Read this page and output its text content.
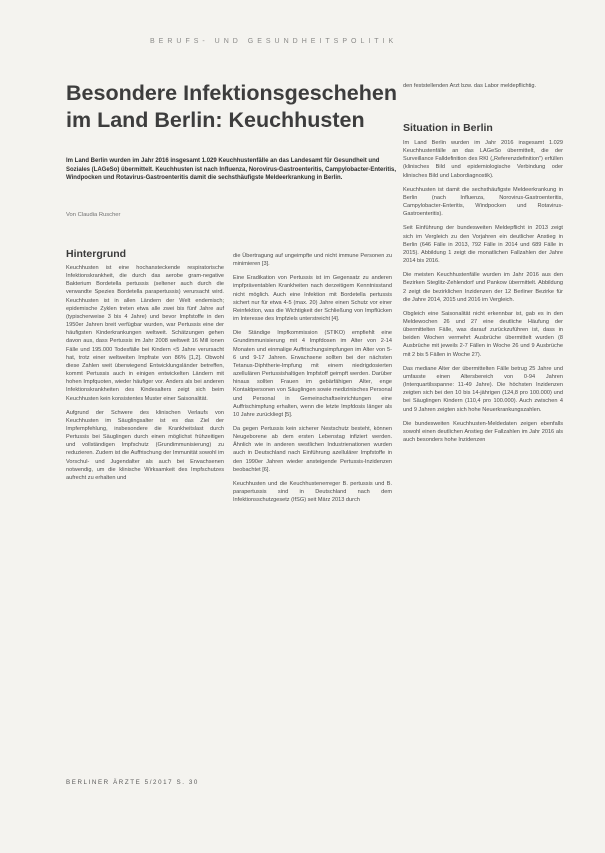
BERUFS- UND GESUNDHEITSPOLITIK
Besondere Infektionsgeschehen im Land Berlin: Keuchhusten

Im Land Berlin wurden im Jahr 2016 insgesamt 1.029 Keuchhustenfälle an das Landesamt für Gesundheit und Soziales (LAGeSo) übermittelt. Keuchhusten ist nach Influenza, Norovirus-Gastroenteritis, Campylobacter-Enteritis, Windpocken und Rotavirus-Gastroenteritis damit die sechsthäufigste Meldeerkrankung in Berlin.

Von Claudia Ruscher
Hintergrund

Keuchhusten ist eine hochansteckende respiratorische Infektionskrankheit, die durch das aerobe gram-negative Bakterium Bordetella pertussis (seltener auch durch die verwandte Spezies Bordetella parapertussis) verursacht wird. Keuchhusten ist in allen Ländern der Welt endemisch; epidemische Zyklen treten etwa alle zwei bis fünf Jahre auf (typischerweise 3 bis 4 Jahre) und bevor Impfstoffe in den 1950er Jahren breit verfügbar wurden, war Pertussis eine der häufigsten Kinderkrankungen weltweit. Schätzungen gehen davon aus, dass Pertussis im Jahr 2008 weltweit 16 Mill ionen Fälle und 195.000 Todesfälle bei Kindern <5 Jahre verursacht hat, trotz einer weltweiten Impfrate von 86% [1,2]. Obwohl diese Zahlen weit überwiegend Entwicklungsländer betreffen, kommt Pertussis auch in einigen entwickelten Ländern mit hohen Impfquoten, wieder häufiger vor. Anders als bei anderen Infektionskrankheiten des Kindesalters zeigt sich beim Keuchhusten kein konsistentes Muster einer Saisonalität.

Aufgrund der Schwere des klinischen Verlaufs von Keuchhusten im Säuglingsalter ist es das Ziel der Impfempfehlung, insbesondere die Krankheitslast durch Pertussis bei Säuglingen durch einen möglichst frühzeitigen und vollständigen Impfschutz (Grundimmunisierung) zu reduzieren. Zudem ist die Auffrischung der Immunität sowohl im Vorschul- und Jugendalter als auch bei Erwachsenen notwendig, um die klinische Wirksamkeit des Impfschutzes aufrecht zu erhalten und

die Übertragung auf ungeimpfte und nicht immune Personen zu minimieren [3].

Eine Eradikation von Pertussis ist im Gegensatz zu anderen impfpräventablen Krankheiten nach derzeitigem Kenntnisstand nicht möglich. Auch eine Infektion mit Bordetella pertussis sichert nur für etwa 4-5 (max. 20) Jahre einen Schutz vor einer Reinfektion, was die Wichtigkeit der Schließung von Impflücken im Interesse des Impfziels unterstreicht [4].

Die Ständige Impfkommission (STIKO) empfiehlt eine Grundimmunisierung mit 4 Impfdosen im Alter von 2-14 Monaten und einmalige Auffrischungsimpfungen im Alter von 5-6 und 9-17 Jahren. Erwachsene sollten bei der nächsten Tetanus-Diphtherie-Impfung mit einem niedrigdosierten azellulären Pertussishaltigen Impfstoff geimpft werden. Darüber hinaus sollten Frauen im gebärfähigen Alter, enge Kontaktpersonen von Säuglingen sowie medizinisches Personal und Personal in Gemeinschaftseinrichtungen eine Auffrischimpfung erhalten, wenn die letzte Impfdosis länger als 10 Jahre zurückliegt [5].

Da gegen Pertussis kein sicherer Nestschutz besteht, können Neugeborene ab dem ersten Lebenstag infiziert werden. Ähnlich wie in anderen westlichen Industrienationen wurden auch in Deutschland nach Einführung azellulärer Impfstoffe in den 1990er Jahren wieder ansteigende Pertussis-Inzidenzen beobachtet [6].

Keuchhusten und die Keuchhustenerreger B. pertussis und B. parapertussis sind in Deutschland nach dem Infektionsschutzgesetz (IfSG) seit März 2013 durch

den feststellenden Arzt bzw. das Labor meldepflichtig.

Situation in Berlin

Im Land Berlin wurden im Jahr 2016 insgesamt 1.029 Keuchhustenfälle an das LAGeSo übermittelt, die der Surveillance Falldefinition des RKI („Referenzdefinition") erfüllen (klinisches Bild und epidemiologische Verbindung oder klinisches Bild und Labordiagnostik).

Keuchhusten ist damit die sechsthäufigste Meldeerkrankung in Berlin (nach Influenza, Norovirus-Gastroenteritis, Campylobacter-Enteritis, Windpocken und Rotavirus-Gastroenteritis).

Seit Einführung der bundesweiten Meldepflicht in 2013 zeigt sich im Vergleich zu den Vorjahren ein deutlicher Anstieg in Berlin (646 Fälle in 2013, 792 Fälle in 2014 und 689 Fälle in 2015). Abbildung 1 zeigt die monatlichen Fallzahlen der Jahre 2014 bis 2016.

Die meisten Keuchhustenfälle wurden im Jahr 2016 aus den Bezirken Steglitz-Zehlendorf und Pankow übermittelt. Abbildung 2 zeigt die bezirklichen Inzidenzen der 12 Berliner Bezirke für die Jahre 2014, 2015 und 2016 im Vergleich.

Obgleich eine Saisonalität nicht erkennbar ist, gab es in den Meldewochen 26 und 27 eine deutliche Häufung der übermittelten Fälle, was darauf zurückzuführen ist, dass in beiden Wochen vermehrt Ausbrüche übermittelt wurden (8 Ausbrüche mit jeweils 2-7 Fällen in Woche 26 und 9 Ausbrüche mit 2 bis 5 Fällen in Woche 27).

Das mediane Alter der übermittelten Fälle betrug 25 Jahre und umfasste einen Altersbereich von 0-94 Jahren (Interquartilsspanne: 11-49 Jahre). Die höchsten Inzidenzen zeigten sich bei den 10 bis 14-jährigen (124,8 pro 100.000) und bei Säuglingen Kindern (110,4 pro 100.000). Auch zwischen 4 und 9 Jahren zeigten sich hohe Neuerkrankungszahlen.

Die bundesweiten Keuchhusten-Meldedaten zeigen ebenfalls sowohl einen deutlichen Anstieg der Fallzahlen im Jahr 2016 als auch besonders hohe Inzidenzen

BERLINER ÄRZTE 5/2017 S. 30
